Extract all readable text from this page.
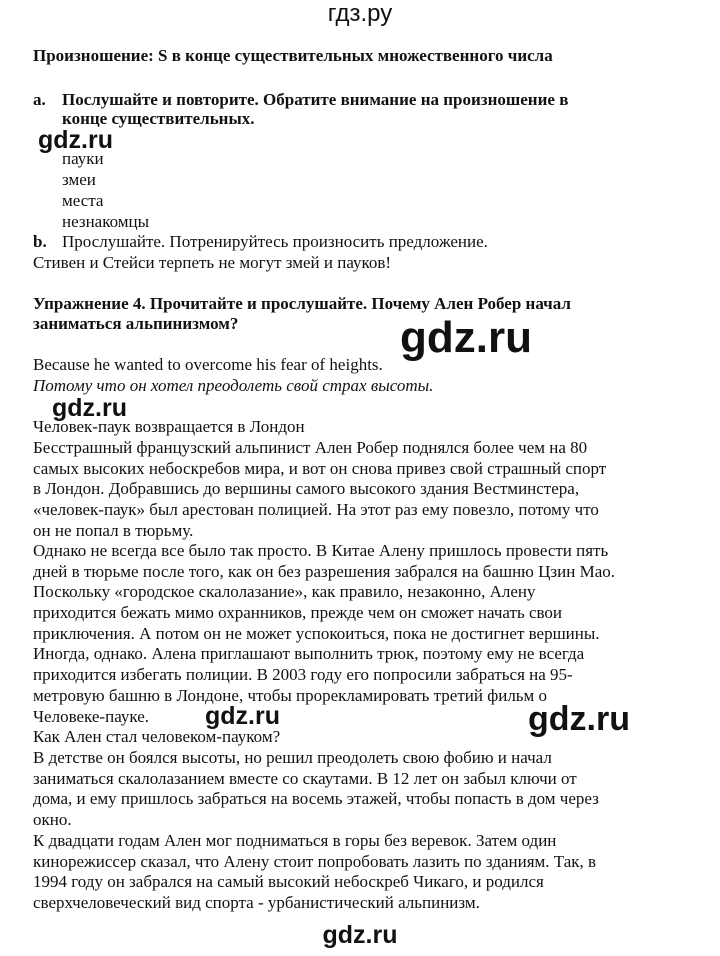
гдз.ру
Произношение: S в конце существительных множественного числа
a. Послушайте и повторите. Обратите внимание на произношение в
конце существительных.
пауки
змеи
места
незнакомцы
b. Прослушайте. Потренируйтесь произносить предложение.
Стивен и Стейси терпеть не могут змей и пауков!
Упражнение 4. Прочитайте и прослушайте. Почему Ален Робер начал
заниматься альпинизмом?
Because he wanted to overcome his fear of heights.
Потому что он хотел преодолеть свой страх высоты.
Человек-паук возвращается в Лондон
Бесстрашный французский альпинист Ален Робер поднялся более чем на 80
самых высоких небоскребов мира, и вот он снова привез свой страшный спорт
в Лондон. Добравшись до вершины самого высокого здания Вестминстера,
«человек-паук» был арестован полицией. На этот раз ему повезло, потому что
он не попал в тюрьму.
Однако не всегда все было так просто. В Китае Алену пришлось провести пять
дней в тюрьме после того, как он без разрешения забрался на башню Цзин Мао.
Поскольку «городское скалолазание», как правило, незаконно, Алену
приходится бежать мимо охранников, прежде чем он сможет начать свои
приключения. А потом он не может успокоиться, пока не достигнет вершины.
Иногда, однако. Алена приглашают выполнить трюк, поэтому ему не всегда
приходится избегать полиции. В 2003 году его попросили забраться на 95-
метровую башню в Лондоне, чтобы прорекламировать третий фильм о
Человеке-пауке.
Как Ален стал человеком-пауком?
В детстве он боялся высоты, но решил преодолеть свою фобию и начал
заниматься скалолазанием вместе со скаутами. В 12 лет он забыл ключи от
дома, и ему пришлось забраться на восемь этажей, чтобы попасть в дом через
окно.
К двадцати годам Ален мог подниматься в горы без веревок. Затем один
кинорежиссер сказал, что Алену стоит попробовать лазить по зданиям. Так, в
1994 году он забрался на самый высокий небоскреб Чикаго, и родился
сверхчеловеческий вид спорта - урбанистический альпинизм.
gdz.ru
gdz.ru
gdz.ru
gdz.ru	gdz.ru
gdz.ru
